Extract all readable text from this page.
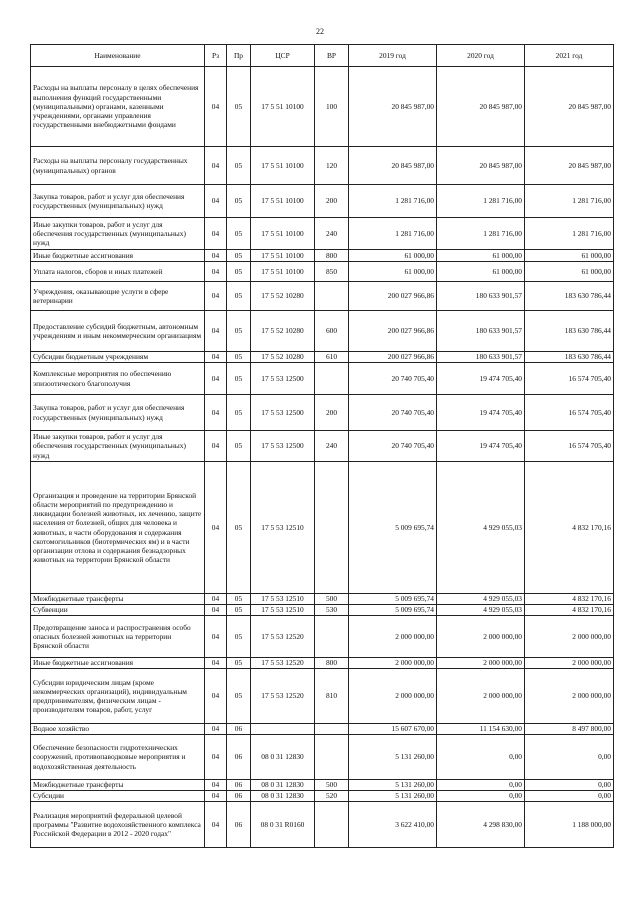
22
Наименование	Рз	Пр	ЦСР	ВР	2019 год	2020 год	2021 год
Расходы на выплаты персоналу в целях обеспечения выполнения функций государственными (муниципальными) органами, казенными учреждениями, органами управления государственными внебюджетными фондами	04	05	17 5 51 10100	100	20 845 987,00	20 845 987,00	20 845 987,00
Расходы на выплаты персоналу государственных (муниципальных) органов	04	05	17 5 51 10100	120	20 845 987,00	20 845 987,00	20 845 987,00
Закупка товаров, работ и услуг для обеспечения государственных (муниципальных) нужд	04	05	17 5 51 10100	200	1 281 716,00	1 281 716,00	1 281 716,00
Иные закупки товаров, работ и услуг для обеспечения государственных (муниципальных) нужд	04	05	17 5 51 10100	240	1 281 716,00	1 281 716,00	1 281 716,00
Иные бюджетные ассигнования	04	05	17 5 51 10100	800	61 000,00	61 000,00	61 000,00
Уплата налогов, сборов и иных платежей	04	05	17 5 51 10100	850	61 000,00	61 000,00	61 000,00
Учреждения, оказывающие услуги в сфере ветеринарии	04	05	17 5 52 10280		200 027 966,86	180 633 901,57	183 630 786,44
Предоставление субсидий бюджетным, автономным учреждениям и иным некоммерческим организациям	04	05	17 5 52 10280	600	200 027 966,86	180 633 901,57	183 630 786,44
Субсидии бюджетным учреждениям	04	05	17 5 52 10280	610	200 027 966,86	180 633 901,57	183 630 786,44
Комплексные мероприятия по обеспечению эпизоотического благополучия	04	05	17 5 53 12500		20 740 705,40	19 474 705,40	16 574 705,40
Закупка товаров, работ и услуг для обеспечения государственных (муниципальных) нужд	04	05	17 5 53 12500	200	20 740 705,40	19 474 705,40	16 574 705,40
Иные закупки товаров, работ и услуг для обеспечения государственных (муниципальных) нужд	04	05	17 5 53 12500	240	20 740 705,40	19 474 705,40	16 574 705,40
Организация и проведение на территории Брянской области мероприятий по предупреждению и ликвидации болезней животных, их лечению, защите населения от болезней, общих для человека и животных, в части оборудования и содержания скотомогильников (биотермических ям) и в части организации отлова и содержания безнадзорных животных на территории Брянской области	04	05	17 5 53 12510		5 009 695,74	4 929 055,03	4 832 170,16
Межбюджетные трансферты	04	05	17 5 53 12510	500	5 009 695,74	4 929 055,03	4 832 170,16
Субвенции	04	05	17 5 53 12510	530	5 009 695,74	4 929 055,03	4 832 170,16
Предотвращение заноса и распространения особо опасных болезней животных на территории Брянской области	04	05	17 5 53 12520		2 000 000,00	2 000 000,00	2 000 000,00
Иные бюджетные ассигнования	04	05	17 5 53 12520	800	2 000 000,00	2 000 000,00	2 000 000,00
Субсидии юридическим лицам (кроме некоммерческих организаций), индивидуальным предпринимателям, физическим лицам - производителям товаров, работ, услуг	04	05	17 5 53 12520	810	2 000 000,00	2 000 000,00	2 000 000,00
Водное хозяйство	04	06			15 607 670,00	11 154 630,00	8 497 800,00
Обеспечение безопасности гидротехнических сооружений, противопаводковые мероприятия и водохозяйственная деятельность	04	06	08 0 31 12830		5 131 260,00	0,00	0,00
Межбюджетные трансферты	04	06	08 0 31 12830	500	5 131 260,00	0,00	0,00
Субсидии	04	06	08 0 31 12830	520	5 131 260,00	0,00	0,00
Реализация мероприятий федеральной целевой программы "Развитие водохозяйственного комплекса Российской Федерации в 2012 - 2020 годах"	04	06	08 0 31 R0160		3 622 410,00	4 298 830,00	1 188 000,00
